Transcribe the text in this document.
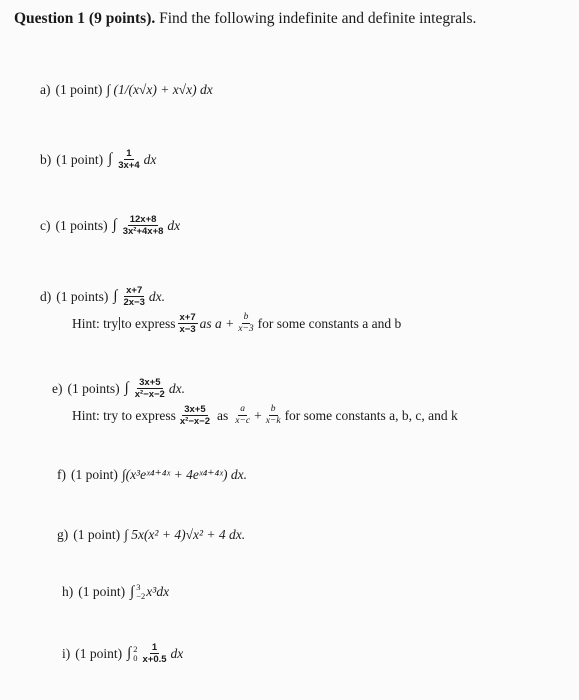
Question 1 (9 points). Find the following indefinite and definite integrals.
a) (1 point) ∫ (1/(x√x) + x√x) dx
b) (1 point) ∫ $\frac{1}{3x+4}$ dx
c) (1 points) ∫ $\frac{12x+8}{\text{3x²+4x+8}}$ dx
d) (1 points) ∫ $\frac{x+7}{2x-3}$ dx.
Hint: try to express $\frac{x+7}{x-3}$ as $a + \frac{b}{x-3}$ for some constants a and b
e) (1 points) ∫ $\frac{3x+5}{\text{x²−x−2}}$ dx.
Hint: try to express $\frac{3x+5}{\text{x²−x−2}}$ as $\frac{a}{x-c} + \frac{b}{x-k}$ for some constants a, b, c, and k
f) (1 point) ∫(x³eˣ⁴⁺⁴ˣ + 4eˣ⁴⁺⁴ˣ) dx.
g) (1 point) ∫ 5x(x² + 4)√x² + 4 dx.
h) (1 point) ∫ 3
−2 x³dx
i) (1 point) ∫ 2
$0 \frac{1}{x+0.5}$ dx
